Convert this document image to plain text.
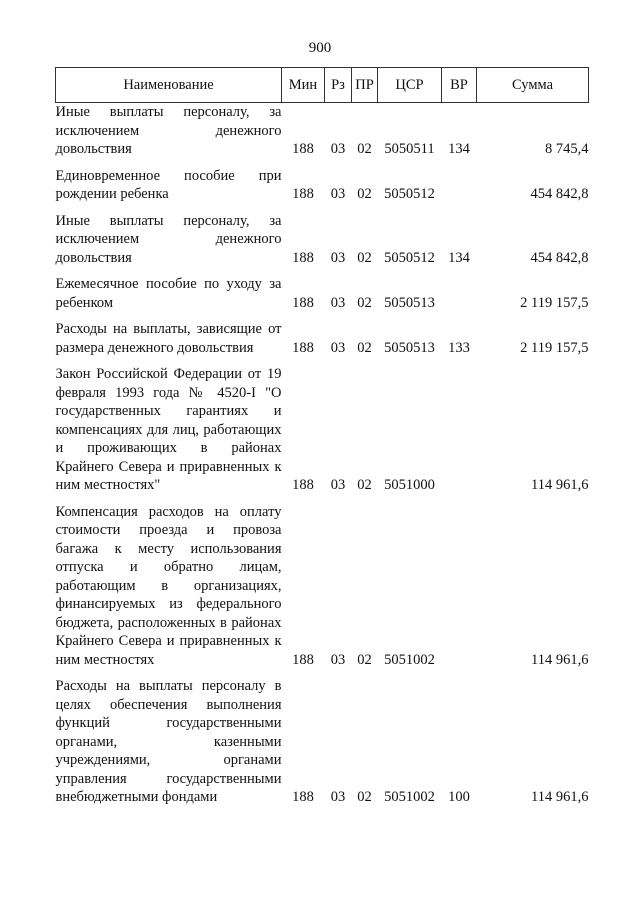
900
Наименование	Мин	Рз	ПР	ЦСР	ВР	Сумма
Иные выплаты персоналу, за исключением денежного довольствия	188	03	02	5050511	134	8 745,4
Единовременное пособие при рождении ребенка	188	03	02	5050512		454 842,8
Иные выплаты персоналу, за исключением денежного довольствия	188	03	02	5050512	134	454 842,8
Ежемесячное пособие по уходу за ребенком	188	03	02	5050513		2 119 157,5
Расходы на выплаты, зависящие от размера денежного довольствия	188	03	02	5050513	133	2 119 157,5
Закон Российской Федерации от 19 февраля 1993 года № 4520-I "О государственных гарантиях и компенсациях для лиц, работающих и проживающих в районах Крайнего Севера и приравненных к ним местностях"	188	03	02	5051000		114 961,6
Компенсация расходов на оплату стоимости проезда и провоза багажа к месту использования отпуска и обратно лицам, работающим в организациях, финансируемых из федерального бюджета, расположенных в районах Крайнего Севера и приравненных к ним местностях	188	03	02	5051002		114 961,6
Расходы на выплаты персоналу в целях обеспечения выполнения функций государственными органами, казенными учреждениями, органами управления государственными внебюджетными фондами	188	03	02	5051002	100	114 961,6
